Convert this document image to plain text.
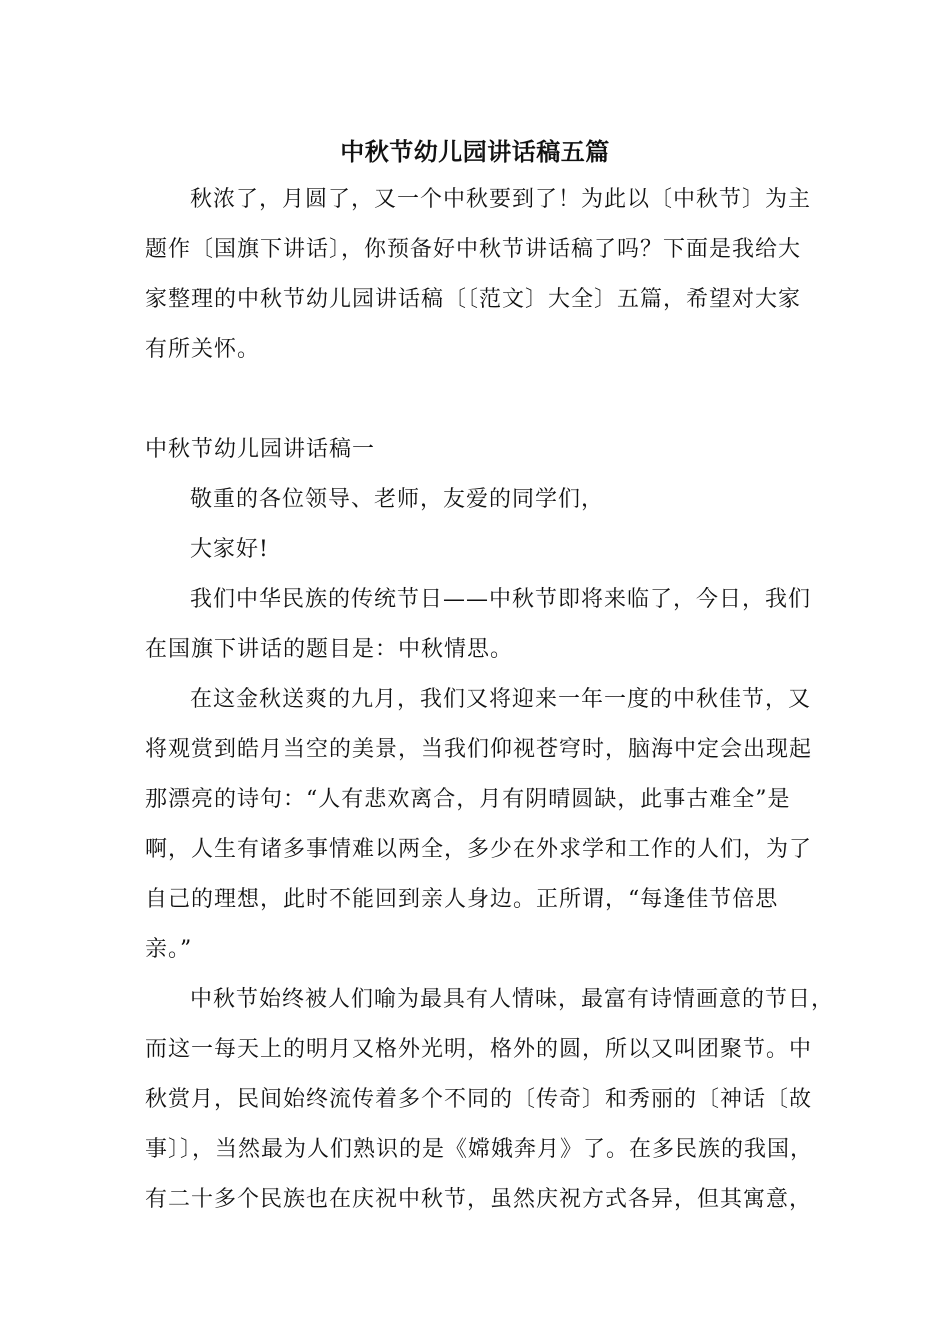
中秋节幼儿园讲话稿五篇
秋浓了，月圆了，又一个中秋要到了！为此以〔中秋节〕为主
题作〔国旗下讲话〕，你预备好中秋节讲话稿了吗？下面是我给大
家整理的中秋节幼儿园讲话稿〔〔范文〕大全〕五篇，希望对大家
有所关怀。
中秋节幼儿园讲话稿一
敬重的各位领导、老师，友爱的同学们，
大家好!
我们中华民族的传统节日——中秋节即将来临了，今日，我们
在国旗下讲话的题目是：中秋情思。
在这金秋送爽的九月，我们又将迎来一年一度的中秋佳节，又
将观赏到皓月当空的美景，当我们仰视苍穹时，脑海中定会出现起
那漂亮的诗句：“人有悲欢离合，月有阴晴圆缺，此事古难全”是
啊，人生有诸多事情难以两全，多少在外求学和工作的人们，为了
自己的理想，此时不能回到亲人身边。正所谓，“每逢佳节倍思
亲。”
中秋节始终被人们喻为最具有人情味，最富有诗情画意的节日，
而这一每天上的明月又格外光明，格外的圆，所以又叫团聚节。中
秋赏月，民间始终流传着多个不同的〔传奇〕和秀丽的〔神话〔故
事〕〕，当然最为人们熟识的是《嫦娥奔月》了。在多民族的我国，
有二十多个民族也在庆祝中秋节，虽然庆祝方式各异，但其寓意，
